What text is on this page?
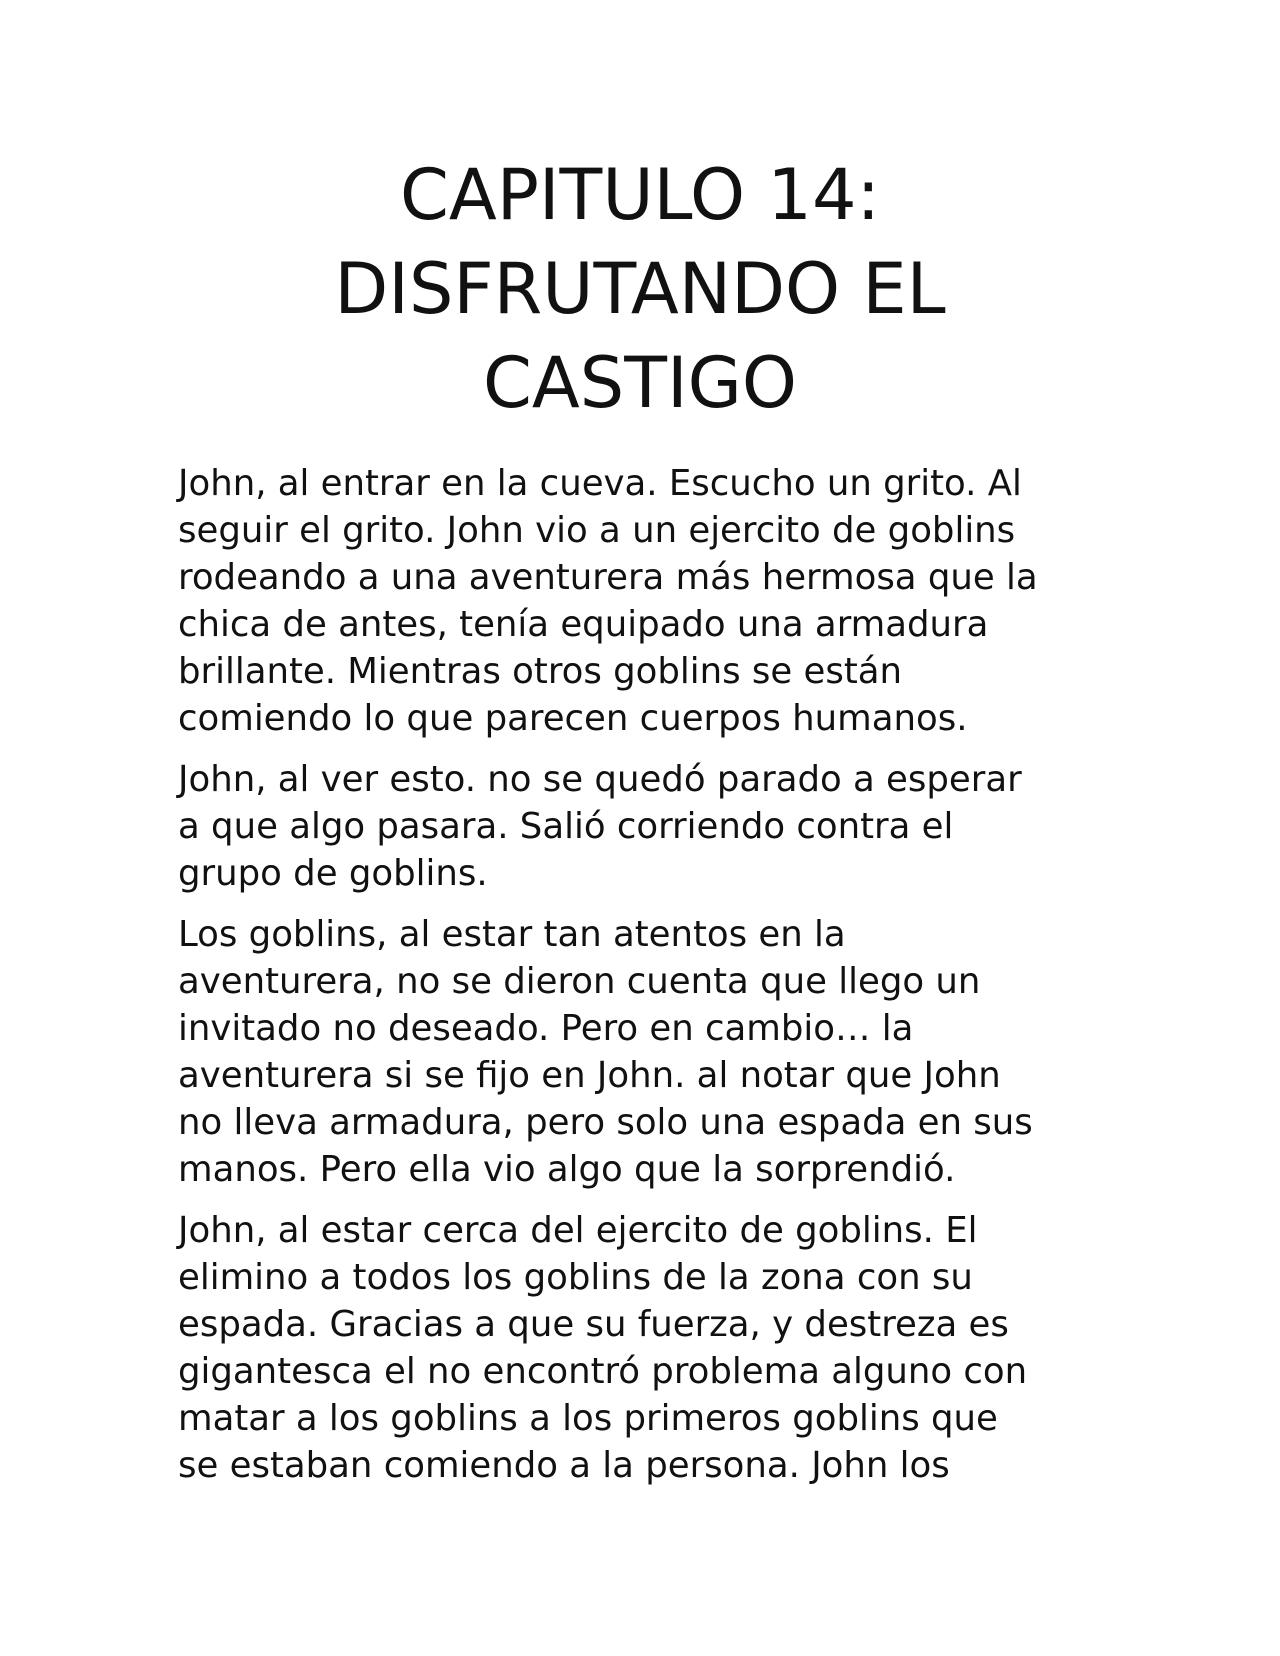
CAPITULO 14:
DISFRUTANDO EL
CASTIGO

John, al entrar en la cueva. Escucho un grito. Al
seguir el grito. John vio a un ejercito de goblins
rodeando a una aventurera más hermosa que la
chica de antes, tenía equipado una armadura
brillante. Mientras otros goblins se están
comiendo lo que parecen cuerpos humanos.

John, al ver esto. no se quedó parado a esperar
a que algo pasara. Salió corriendo contra el
grupo de goblins.

Los goblins, al estar tan atentos en la
aventurera, no se dieron cuenta que llego un
invitado no deseado. Pero en cambio… la
aventurera si se fijo en John. al notar que John
no lleva armadura, pero solo una espada en sus
manos. Pero ella vio algo que la sorprendió.

John, al estar cerca del ejercito de goblins. El
elimino a todos los goblins de la zona con su
espada. Gracias a que su fuerza, y destreza es
gigantesca el no encontró problema alguno con
matar a los goblins a los primeros goblins que
se estaban comiendo a la persona. John los
